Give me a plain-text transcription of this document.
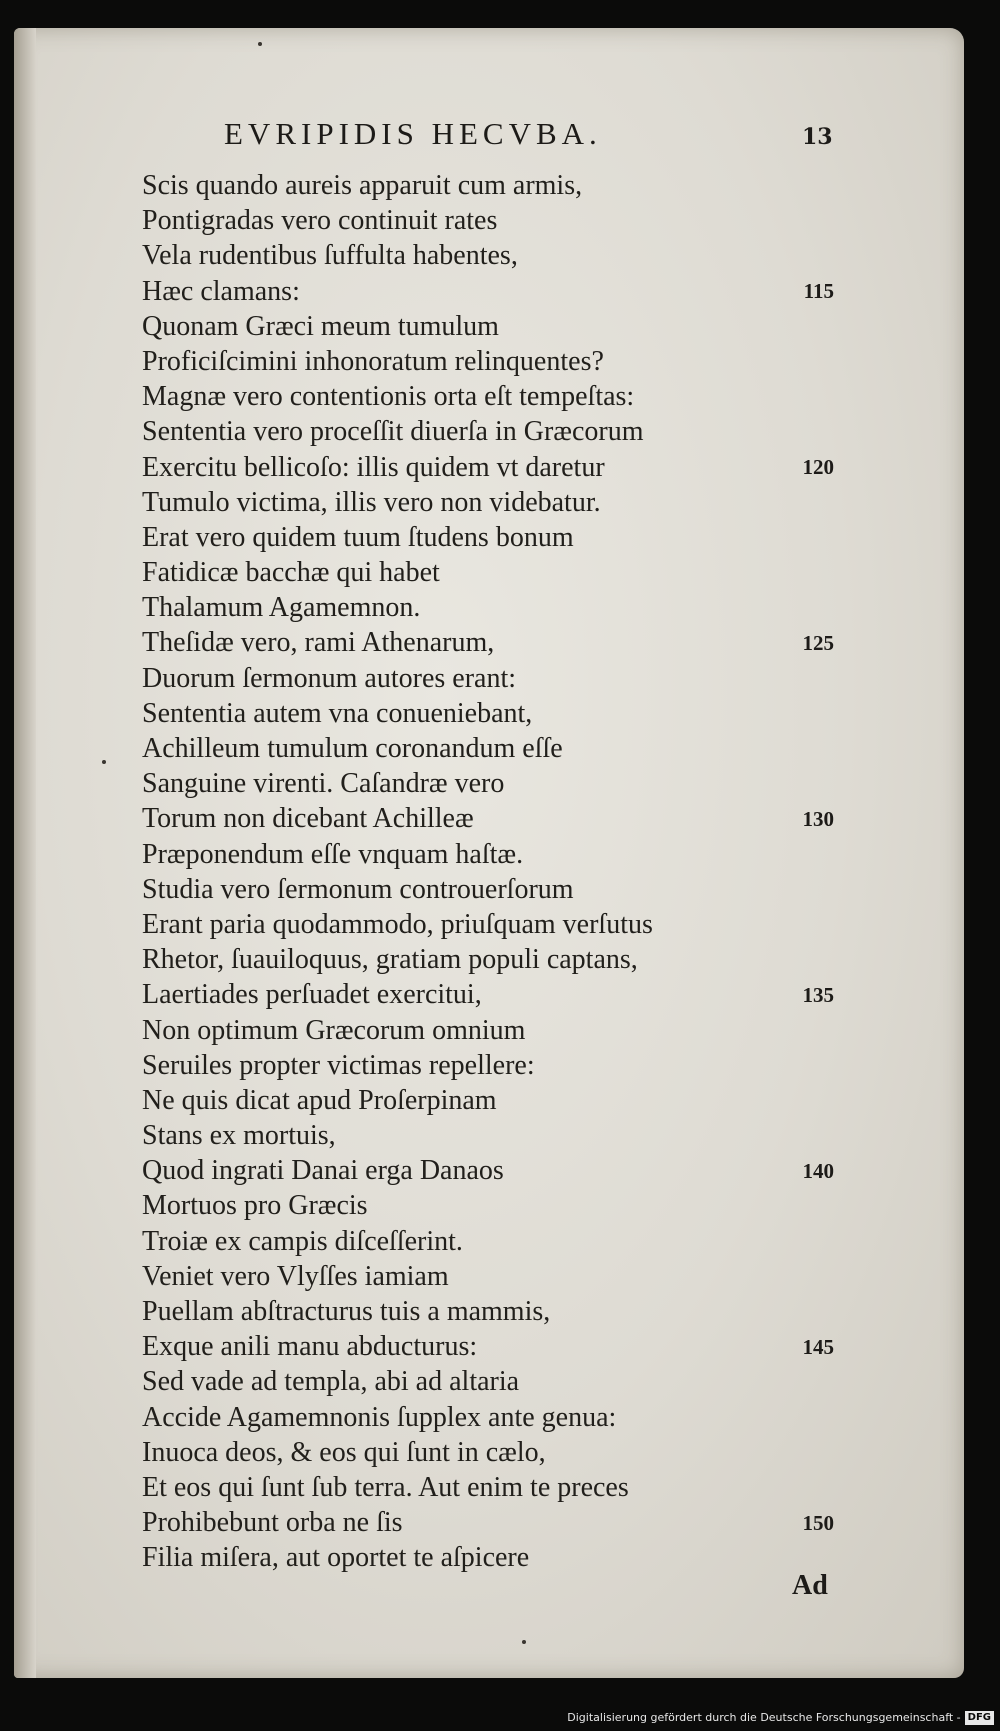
EVRIPIDIS HECVBA.	13
Scis quando aureis apparuit cum armis,
Pontigradas vero continuit rates
Vela rudentibus ſuffulta habentes,
Hæc clamans:
Quonam Græci meum tumulum
Proficiſcimini inhonoratum relinquentes?
Magnæ vero contentionis orta eſt tempeſtas:
Sententia vero proceſſit diuerſa in Græcorum
Exercitu bellicoſo: illis quidem vt daretur
Tumulo victima, illis vero non videbatur.
Erat vero quidem tuum ſtudens bonum
Fatidicæ bacchæ qui habet
Thalamum Agamemnon.
Theſidæ vero, rami Athenarum,
Duorum ſermonum autores erant:
Sententia autem vna conueniebant,
Achilleum tumulum coronandum eſſe
Sanguine virenti. Caſandræ vero
Torum non dicebant Achilleæ
Præponendum eſſe vnquam haſtæ.
Studia vero ſermonum controuerſorum
Erant paria quodammodo, priuſquam verſutus
Rhetor, ſuauiloquus, gratiam populi captans,
Laertiades perſuadet exercitui,
Non optimum Græcorum omnium
Seruiles propter victimas repellere:
Ne quis dicat apud Proſerpinam
Stans ex mortuis,
Quod ingrati Danai erga Danaos
Mortuos pro Græcis
Troiæ ex campis diſceſſerint.
Veniet vero Vlyſſes iamiam
Puellam abſtracturus tuis a mammis,
Exque anili manu abducturus:
Sed vade ad templa, abi ad altaria
Accide Agamemnonis ſupplex ante genua:
Inuoca deos, & eos qui ſunt in cælo,
Et eos qui ſunt ſub terra. Aut enim te preces
Prohibebunt orba ne ſis
Filia miſera, aut oportet te aſpicere
115
120
125
130
135
140
145
150
Ad
Digitalisierung gefördert durch die Deutsche Forschungsgemeinschaft - DFG
